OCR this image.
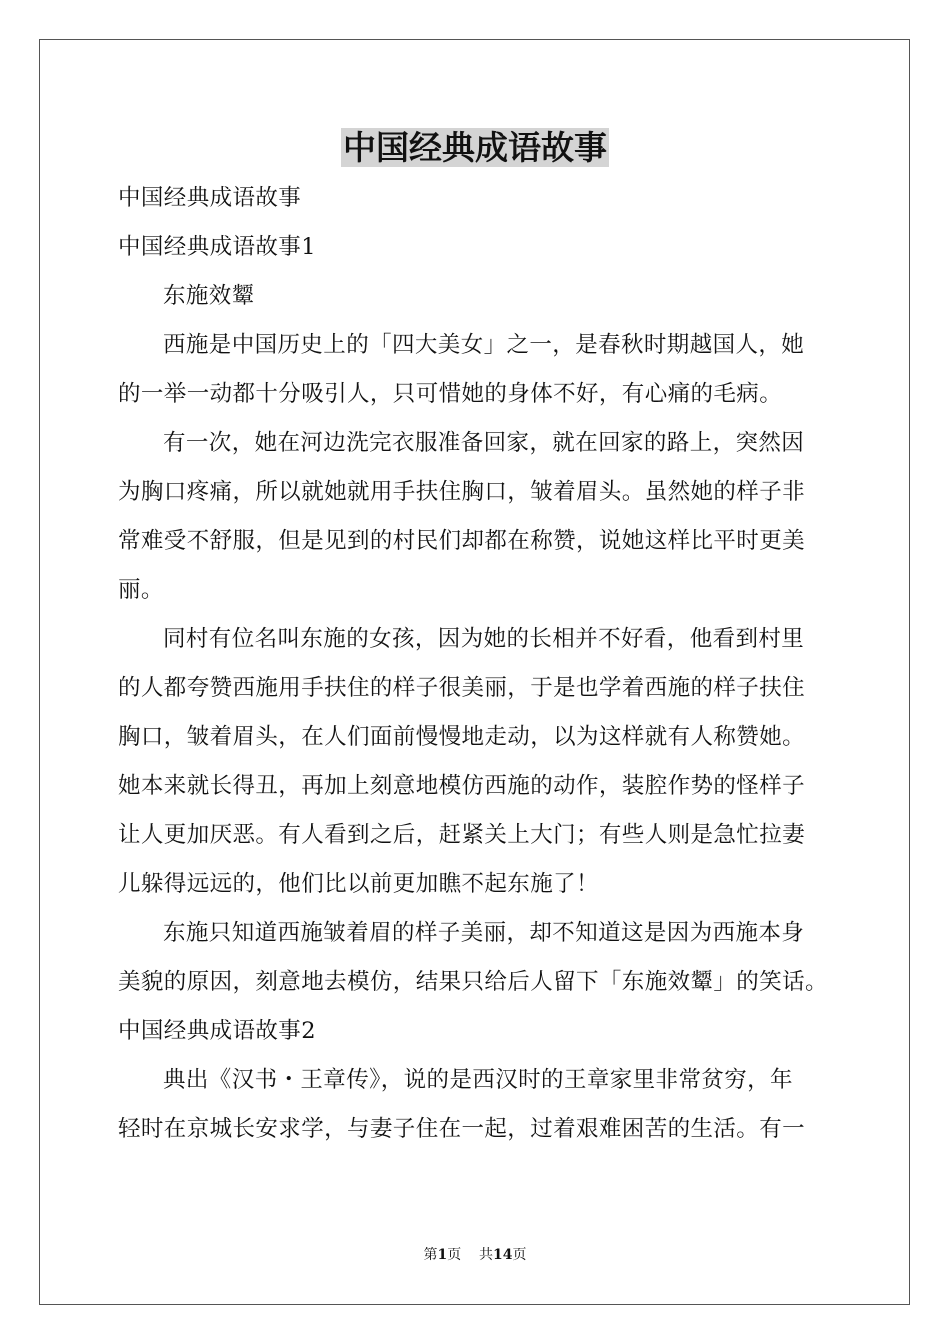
中国经典成语故事
中国经典成语故事
中国经典成语故事1
东施效颦
西施是中国历史上的「四大美女」之一，是春秋时期越国人，她
的一举一动都十分吸引人，只可惜她的身体不好，有心痛的毛病。
有一次，她在河边洗完衣服准备回家，就在回家的路上，突然因
为胸口疼痛，所以就她就用手扶住胸口，皱着眉头。虽然她的样子非
常难受不舒服，但是见到的村民们却都在称赞，说她这样比平时更美
丽。
同村有位名叫东施的女孩，因为她的长相并不好看，他看到村里
的人都夸赞西施用手扶住的样子很美丽，于是也学着西施的样子扶住
胸口，皱着眉头，在人们面前慢慢地走动，以为这样就有人称赞她。
她本来就长得丑，再加上刻意地模仿西施的动作，装腔作势的怪样子
让人更加厌恶。有人看到之后，赶紧关上大门；有些人则是急忙拉妻
儿躲得远远的，他们比以前更加瞧不起东施了！
东施只知道西施皱着眉的样子美丽，却不知道这是因为西施本身
美貌的原因，刻意地去模仿，结果只给后人留下「东施效颦」的笑话。
中国经典成语故事2
典出《汉书・王章传》，说的是西汉时的王章家里非常贫穷，年
轻时在京城长安求学，与妻子住在一起，过着艰难困苦的生活。有一
第1页 共14页
